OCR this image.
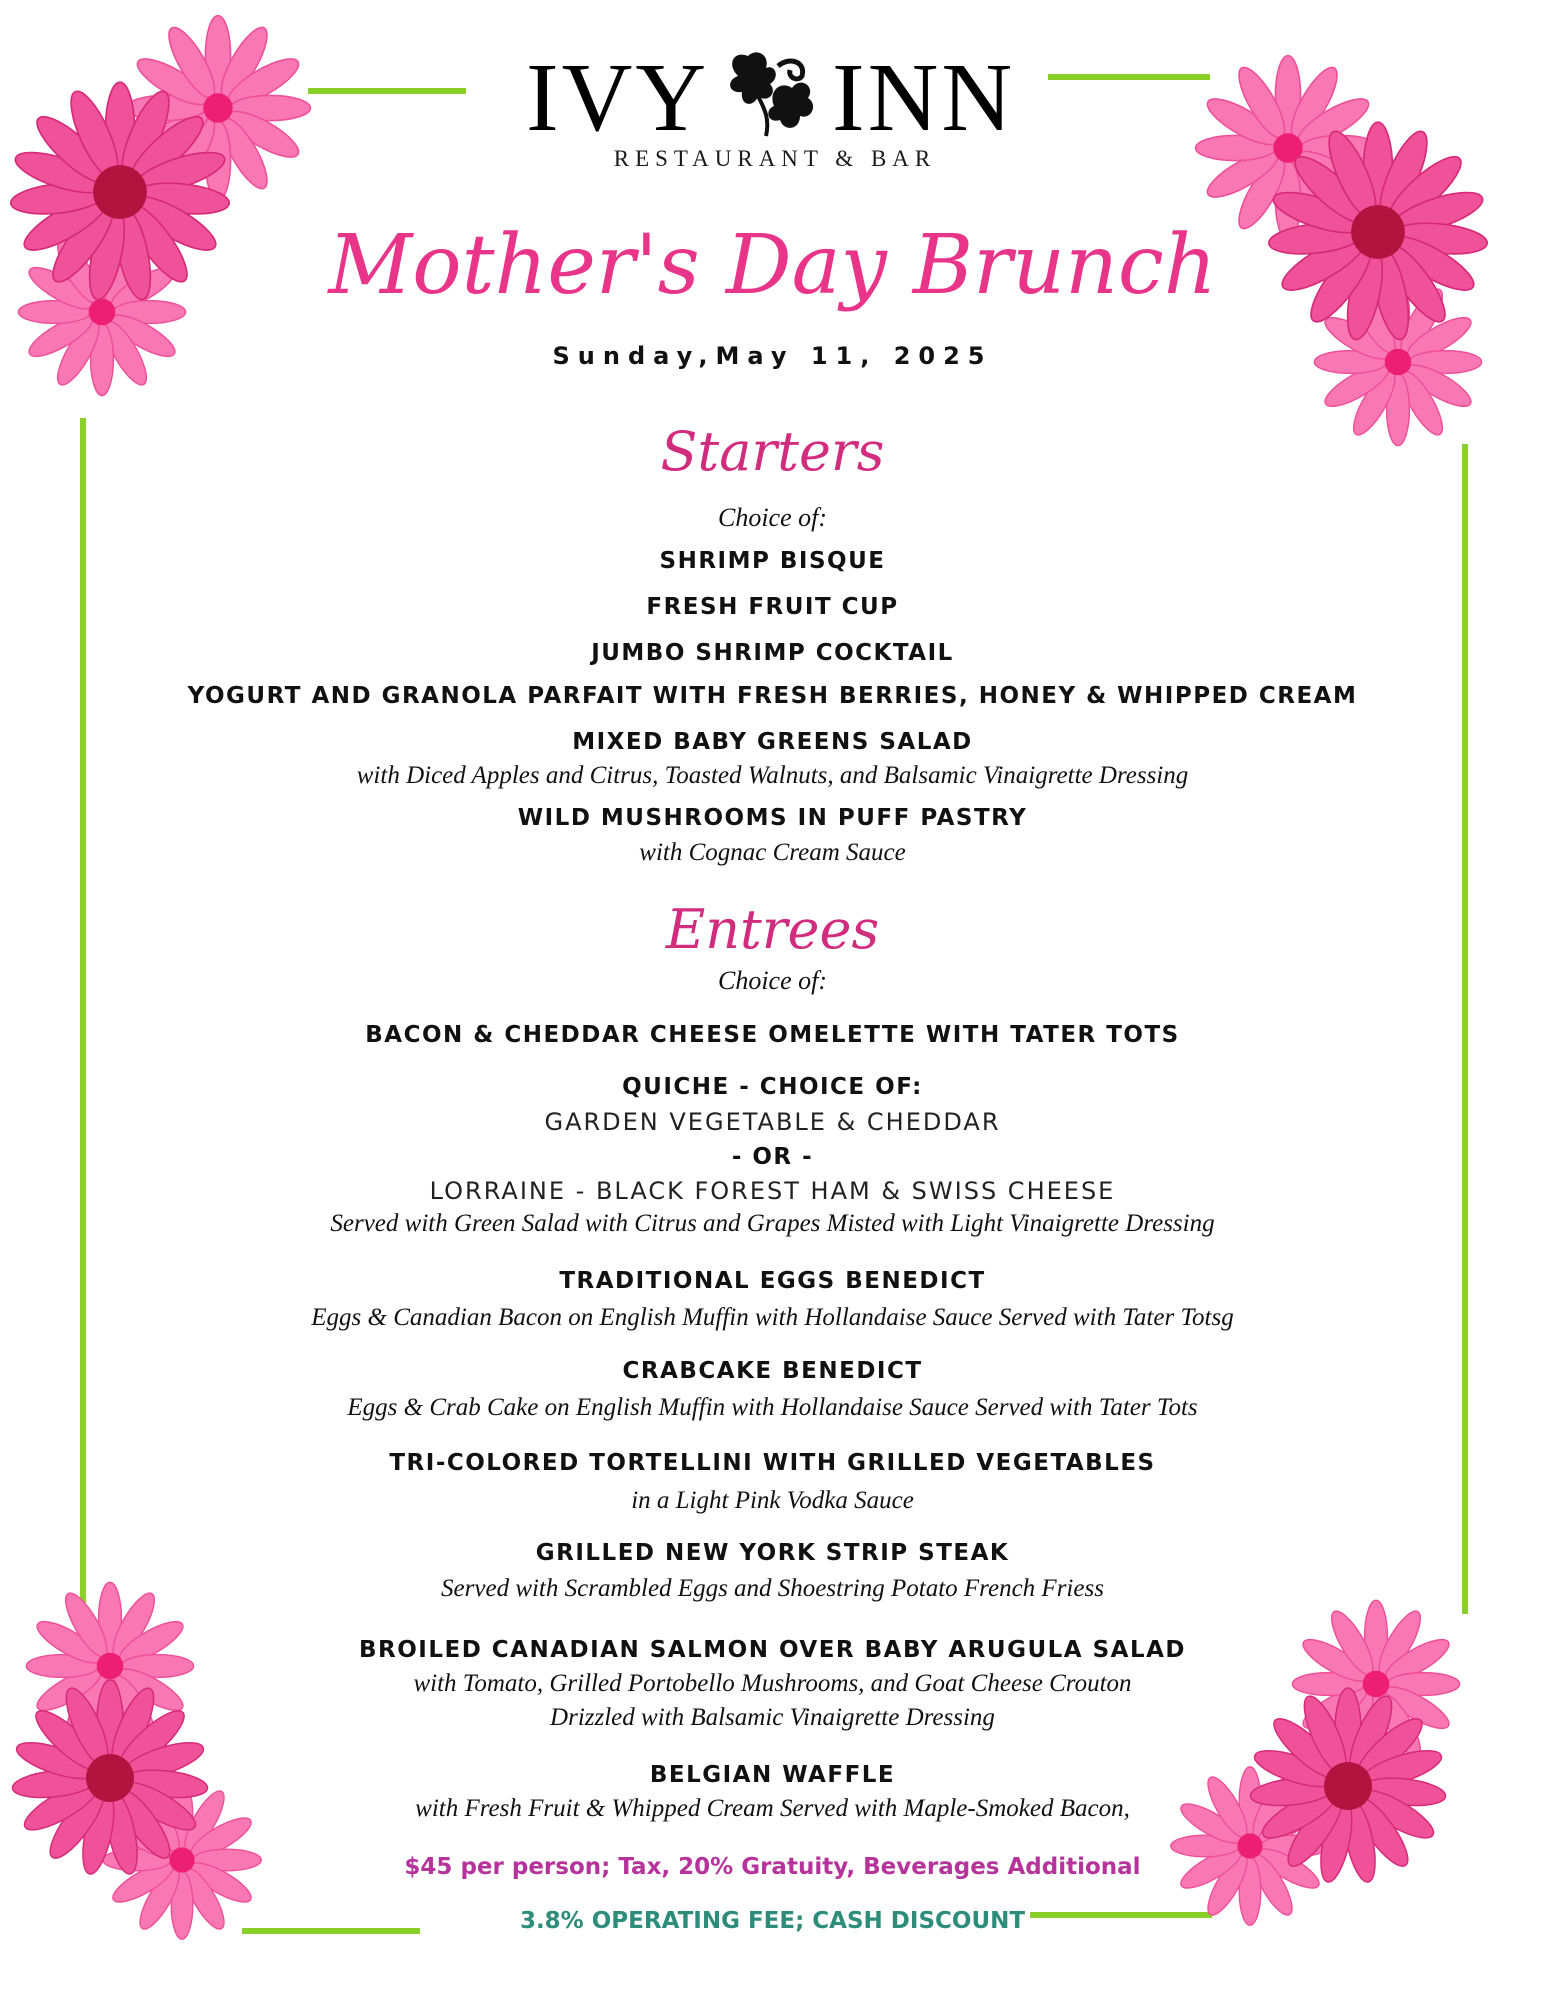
IVY INN
RESTAURANT & BAR
Mother's Day Brunch
Sunday,May 11, 2025
Starters
Choice of:
SHRIMP BISQUE
FRESH FRUIT CUP
JUMBO SHRIMP COCKTAIL
YOGURT AND GRANOLA PARFAIT WITH FRESH BERRIES, HONEY & WHIPPED CREAM
MIXED BABY GREENS SALAD
with Diced Apples and Citrus, Toasted Walnuts, and Balsamic Vinaigrette Dressing
WILD MUSHROOMS IN PUFF PASTRY
with Cognac Cream Sauce
Entrees
Choice of:
BACON & CHEDDAR CHEESE OMELETTE WITH TATER TOTS
QUICHE - CHOICE OF:
GARDEN VEGETABLE & CHEDDAR
- OR -
LORRAINE - BLACK FOREST HAM & SWISS CHEESE
Served with Green Salad with Citrus and Grapes Misted with Light Vinaigrette Dressing
TRADITIONAL EGGS BENEDICT
Eggs & Canadian Bacon on English Muffin with Hollandaise Sauce Served with Tater Totsg
CRABCAKE BENEDICT
Eggs & Crab Cake on English Muffin with Hollandaise Sauce Served with Tater Tots
TRI-COLORED TORTELLINI WITH GRILLED VEGETABLES
in a Light Pink Vodka Sauce
GRILLED NEW YORK STRIP STEAK
Served with Scrambled Eggs and Shoestring Potato French Friess
BROILED CANADIAN SALMON OVER BABY ARUGULA SALAD
with Tomato, Grilled Portobello Mushrooms, and Goat Cheese Crouton
Drizzled with Balsamic Vinaigrette Dressing
BELGIAN WAFFLE
with Fresh Fruit & Whipped Cream Served with Maple-Smoked Bacon,
$45 per person; Tax, 20% Gratuity, Beverages Additional
3.8% OPERATING FEE; CASH DISCOUNT
